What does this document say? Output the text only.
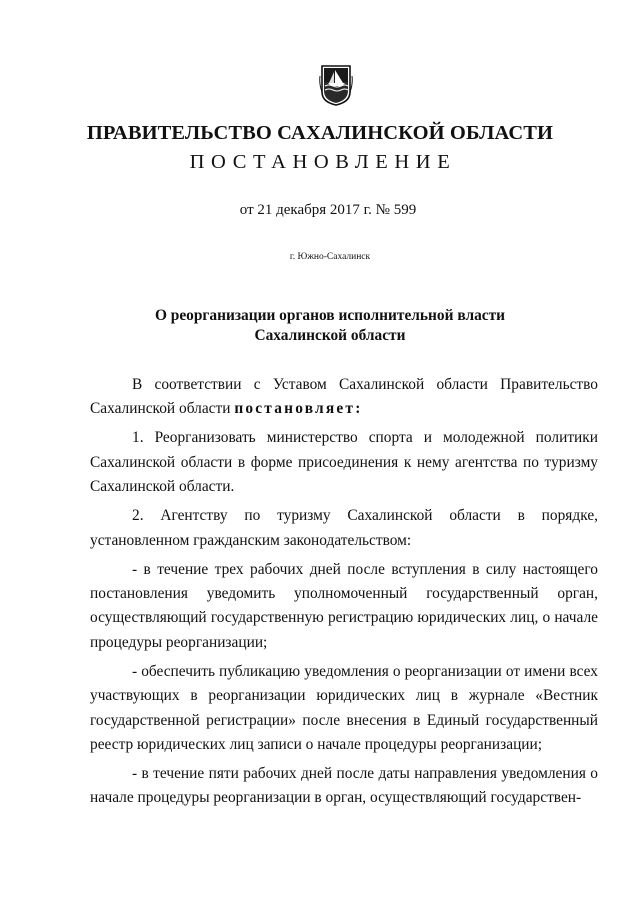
ПРАВИТЕЛЬСТВО САХАЛИНСКОЙ ОБЛАСТИ
ПОСТАНОВЛЕНИЕ
от 21 декабря 2017 г. № 599
г. Южно-Сахалинск
О реорганизации органов исполнительной власти
Сахалинской области

В соответствии с Уставом Сахалинской области Правительство Сахалинской области постановляет:

1. Реорганизовать министерство спорта и молодежной политики Сахалинской области в форме присоединения к нему агентства по туризму Сахалинской области.

2. Агентству по туризму Сахалинской области в порядке, установленном гражданским законодательством:

- в течение трех рабочих дней после вступления в силу настоящего постановления уведомить уполномоченный государственный орган, осуществляющий государственную регистрацию юридических лиц, о начале процедуры реорганизации;

- обеспечить публикацию уведомления о реорганизации от имени всех участвующих в реорганизации юридических лиц в журнале «Вестник государственной регистрации» после внесения в Единый государственный реестр юридических лиц записи о начале процедуры реорганизации;

- в течение пяти рабочих дней после даты направления уведомления о начале процедуры реорганизации в орган, осуществляющий государствен-
